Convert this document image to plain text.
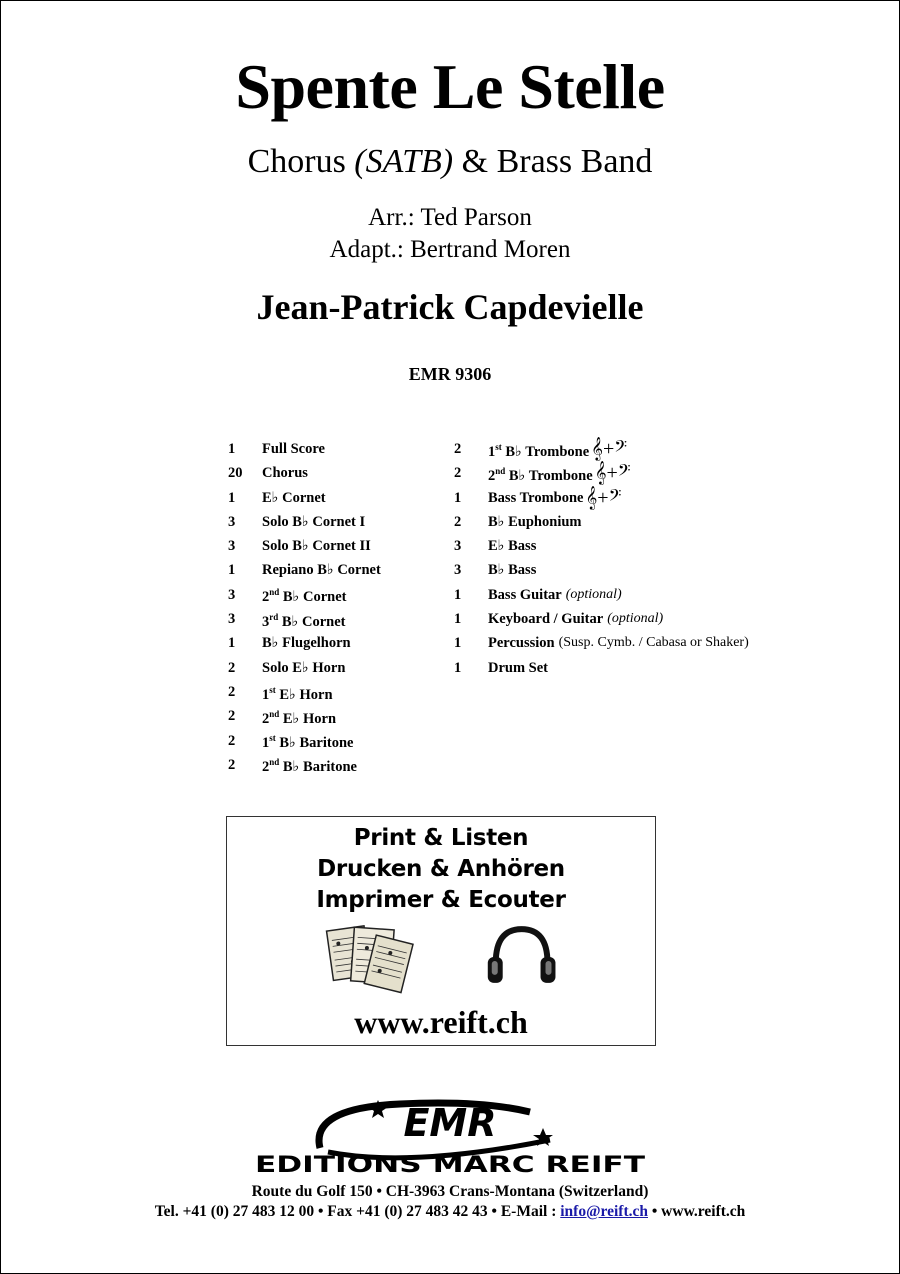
Spente Le Stelle
Chorus (SATB) & Brass Band
Arr.: Ted Parson
Adapt.: Bertrand Moren
Jean-Patrick Capdevielle
EMR 9306
1	Full Score
20	Chorus
1	E♭ Cornet
3	Solo B♭ Cornet I
3	Solo B♭ Cornet II
1	Repiano B♭ Cornet
3	2nd B♭ Cornet
3	3rd B♭ Cornet
1	B♭ Flugelhorn
2	Solo E♭ Horn
2	1st E♭ Horn
2	2nd E♭ Horn
2	1st B♭ Baritone
2	2nd B♭ Baritone
2	1st B♭ Trombone 𝄞+𝄢
2	2nd B♭ Trombone 𝄞+𝄢
1	Bass Trombone 𝄞+𝄢
2	B♭ Euphonium
3	E♭ Bass
3	B♭ Bass
1	Bass Guitar (optional)
1	Keyboard / Guitar (optional)
1	Percussion (Susp. Cymb. / Cabasa or Shaker)
1	Drum Set
Print & Listen
Drucken & Anhören
Imprimer & Ecouter
www.reift.ch
EMR
EDITIONS MARC REIFT
Route du Golf 150 • CH-3963 Crans-Montana (Switzerland)
Tel. +41 (0) 27 483 12 00 • Fax +41 (0) 27 483 42 43 • E-Mail : info@reift.ch • www.reift.ch
